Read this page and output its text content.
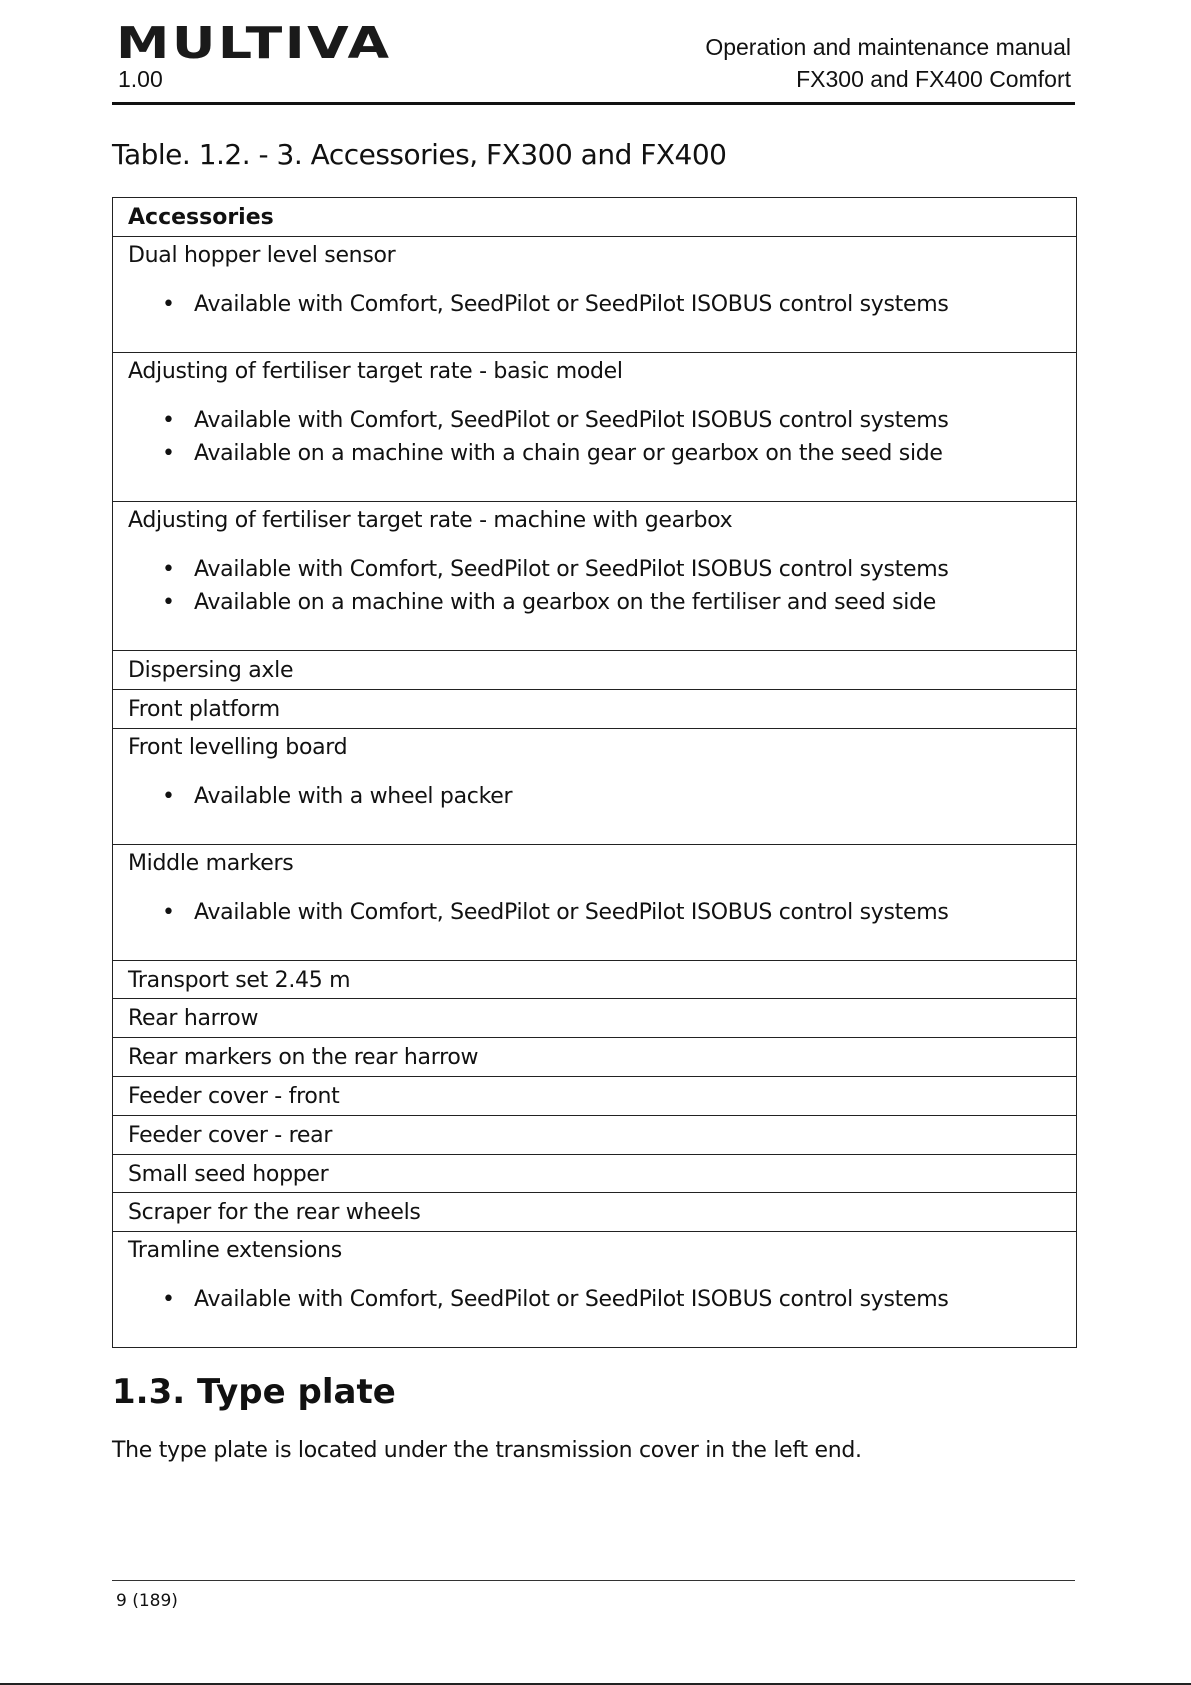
MULTIVA
1.00
Operation and maintenance manual
FX300 and FX400 Comfort
Table. 1.2. - 3. Accessories, FX300 and FX400
Accessories
Dual hopper level sensor
• Available with Comfort, SeedPilot or SeedPilot ISOBUS control systems
Adjusting of fertiliser target rate - basic model
• Available with Comfort, SeedPilot or SeedPilot ISOBUS control systems
• Available on a machine with a chain gear or gearbox on the seed side
Adjusting of fertiliser target rate - machine with gearbox
• Available with Comfort, SeedPilot or SeedPilot ISOBUS control systems
• Available on a machine with a gearbox on the fertiliser and seed side
Dispersing axle
Front platform
Front levelling board
• Available with a wheel packer
Middle markers
• Available with Comfort, SeedPilot or SeedPilot ISOBUS control systems
Transport set 2.45 m
Rear harrow
Rear markers on the rear harrow
Feeder cover - front
Feeder cover - rear
Small seed hopper
Scraper for the rear wheels
Tramline extensions
• Available with Comfort, SeedPilot or SeedPilot ISOBUS control systems
1.3. Type plate
The type plate is located under the transmission cover in the left end.
9 (189)
